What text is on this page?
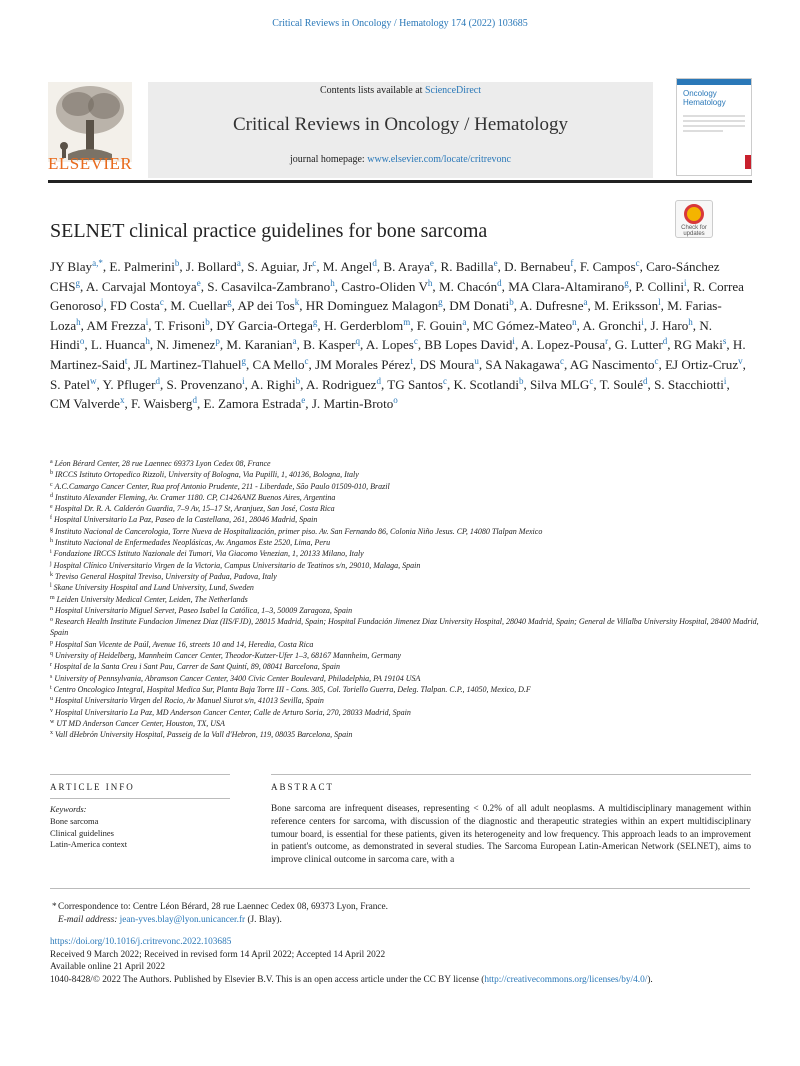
Critical Reviews in Oncology / Hematology 174 (2022) 103685
ELSEVIER
Contents lists available at ScienceDirect
Critical Reviews in Oncology / Hematology
journal homepage: www.elsevier.com/locate/critrevonc
Oncology
Hematology
Check for updates
SELNET clinical practice guidelines for bone sarcoma
JY Blay$^{a,*}$, E. Palmerini$^b$, J. Bollard$^a$, S. Aguiar, Jr$^c$, M. Angel$^d$, B. Araya$^e$, R. Badilla$^e$, D. Bernabeu$^f$, F. Campos$^c$, Caro-Sánchez CHS$^g$, A. Carvajal Montoya$^e$, S. Casavilca-Zambrano$^h$, Castro-Oliden $V^h$, M. Chacón$^d$, MA Clara-Altamirano$^g$, P. Collini$^i$, R. Correa Genoroso$^j$, FD Costa$^c$, M. Cuellar$^g$, AP dei Tos$^k$, HR Dominguez Malagon$^g$, DM Donati$^b$, A. Dufresne$^a$, M. Eriksson$^l$, M. Farias-Loza$^h$, AM Frezza$^i$, T. Frisoni$^b$, DY Garcia-Ortega$^g$, H. Gerderblom$^m$, F. Gouin$^a$, MC Gómez-Mateo$^n$, A. Gronchi$^i$, J. Haro$^h$, N. Hindi$^o$, L. Huanca$^h$, N. Jimenez$^p$, M. Karanian$^a$, B. Kasper$^q$, A. Lopes$^c$, BB Lopes David$^i$, A. Lopez-Pousa$^r$, G. Lutter$^d$, RG Maki$^s$, H. Martinez-Said$^t$, JL Martinez-Tlahuel$^g$, CA Mello$^c$, JM Morales Pérez$^t$, DS Moura$^u$, SA Nakagawa$^c$, AG Nascimento$^c$, EJ Ortiz-Cruz$^v$, S. Patel$^w$, Y. Pfluger$^d$, S. Provenzano$^i$, A. Righi$^b$, A. Rodriguez$^d$, TG Santos$^c$, K. Scotlandi$^b$, Silva MLG$^c$, T. Soulé$^d$, S. Stacchiotti$^i$, CM Valverde$^x$, F. Waisberg$^d$, E. Zamora Estrada$^e$, J. Martin-Broto$^o$
$^a$ Léon Bérard Center, 28 rue Laennec 69373 Lyon Cedex 08, France
$^b$ IRCCS Istituto Ortopedico Rizzoli, University of Bologna, Via Pupilli, 1, 40136, Bologna, Italy
$^c$ A.C.Camargo Cancer Center, Rua prof Antonio Prudente, 211 - Liberdade, São Paulo 01509-010, Brazil
$^d$ Instituto Alexander Fleming, Av. Cramer 1180. CP, C1426ANZ Buenos Aires, Argentina
$^e$ Hospital Dr. R. A. Calderón Guardia, 7–9 Av, 15–17 St, Aranjuez, San José, Costa Rica
$^f$ Hospital Universitario La Paz, Paseo de la Castellana, 261, 28046 Madrid, Spain
$^g$ Instituto Nacional de Cancerologia, Torre Nueva de Hospitalización, primer piso. Av. San Fernando 86, Colonia Niño Jesus. CP, 14080 Tlalpan Mexico
$^h$ Instituto Nacional de Enfermedades Neoplásicas, Av. Angamos Este 2520, Lima, Peru
$^i$ Fondazione IRCCS Istituto Nazionale dei Tumori, Via Giacomo Venezian, 1, 20133 Milano, Italy
$^j$ Hospital Clínico Universitario Virgen de la Victoria, Campus Universitario de Teatinos s/n, 29010, Malaga, Spain
$^k$ Treviso General Hospital Treviso, University of Padua, Padova, Italy
$^l$ Skane University Hospital and Lund University, Lund, Sweden
$^m$ Leiden University Medical Center, Leiden, The Netherlands
$^n$ Hospital Universitario Miguel Servet, Paseo Isabel la Católica, 1–3, 50009 Zaragoza, Spain
$^o$ Research Health Institute Fundacion Jimenez Diaz (IIS/FJD), 28015 Madrid, Spain; Hospital Fundación Jimenez Diaz University Hospital, 28040 Madrid, Spain; General de Villalba University Hospital, 28400 Madrid, Spain
$^p$ Hospital San Vicente de Paúl, Avenue 16, streets 10 and 14, Heredia, Costa Rica
$^q$ University of Heidelberg, Mannheim Cancer Center, Theodor-Kutzer-Ufer 1–3, 68167 Mannheim, Germany
$^r$ Hospital de la Santa Creu i Sant Pau, Carrer de Sant Quintí, 89, 08041 Barcelona, Spain
$^s$ University of Pennsylvania, Abramson Cancer Center, 3400 Civic Center Boulevard, Philadelphia, PA 19104 USA
$^t$ Centro Oncologico Integral, Hospital Medica Sur, Planta Baja Torre III - Cons. 305, Col. Toriello Guerra, Deleg. Tlalpan. C.P., 14050, Mexico, D.F
$^u$ Hospital Universitario Virgen del Rocio, Av Manuel Siurot s/n, 41013 Sevilla, Spain
$^v$ Hospital Universitario La Paz, MD Anderson Cancer Center, Calle de Arturo Soria, 270, 28033 Madrid, Spain
$^w$ UT MD Anderson Cancer Center, Houston, TX, USA
$^x$ Vall dHebrón University Hospital, Passeig de la Vall d'Hebron, 119, 08035 Barcelona, Spain
ARTICLE INFO	ABSTRACT
Keywords:
Bone sarcoma
Clinical guidelines
Latin-America context
Bone sarcoma are infrequent diseases, representing < 0.2% of all adult neoplasms. A multidisciplinary management within reference centers for sarcoma, with discussion of the diagnostic and therapeutic strategies within an expert multidisciplinary tumour board, is essential for these patients, given its heterogeneity and low frequency. This approach leads to an improvement in patient's outcome, as demonstrated in several studies. The Sarcoma European Latin-American Network (SELNET), aims to improve clinical outcome in sarcoma care, with a
* Correspondence to: Centre Léon Bérard, 28 rue Laennec Cedex 08, 69373 Lyon, France.
E-mail address: jean-yves.blay@lyon.unicancer.fr (J. Blay).
https://doi.org/10.1016/j.critrevonc.2022.103685
Received 9 March 2022; Received in revised form 14 April 2022; Accepted 14 April 2022
Available online 21 April 2022
1040-8428/© 2022 The Authors. Published by Elsevier B.V. This is an open access article under the CC BY license (http://creativecommons.org/licenses/by/4.0/).
